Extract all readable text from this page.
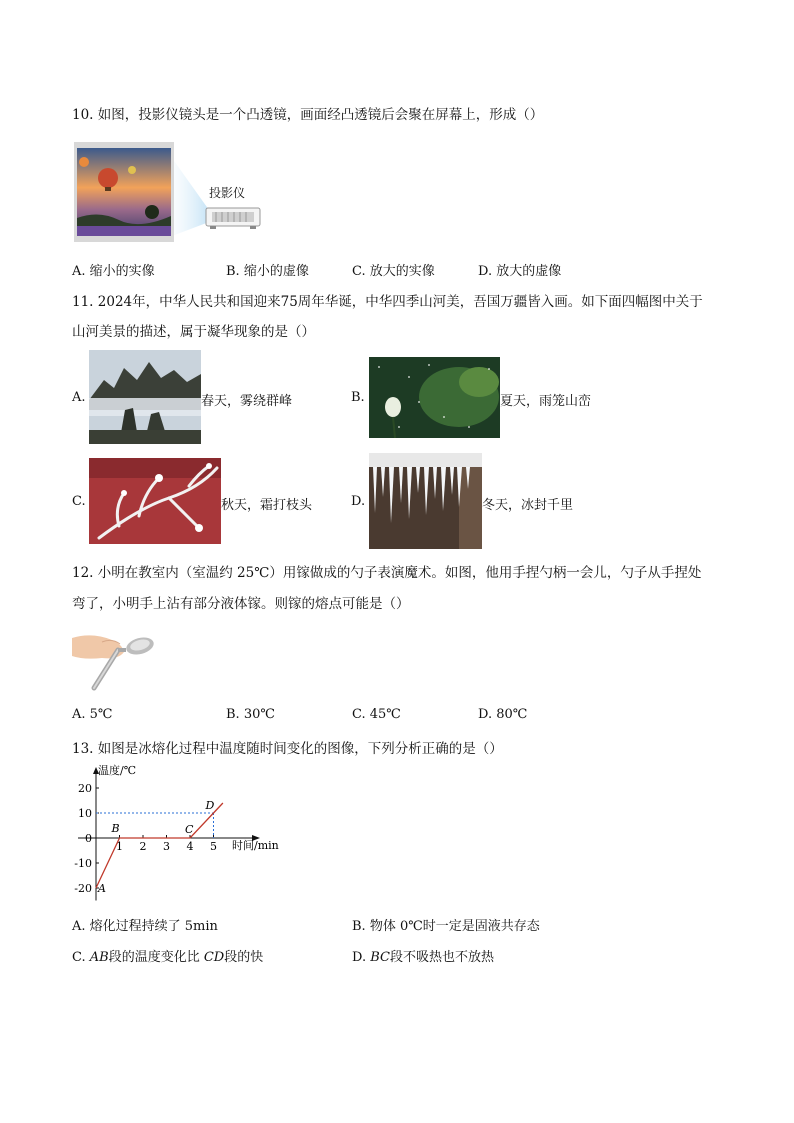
10. 如图，投影仪镜头是一个凸透镜，画面经凸透镜后会聚在屏幕上，形成（）
投影仪
A. 缩小的实像	B. 缩小的虚像	C. 放大的实像	D. 放大的虚像
11. 2024年，中华人民共和国迎来75周年华诞，中华四季山河美，吾国万疆皆入画。如下面四幅图中关于
山河美景的描述，属于凝华现象的是（）
A.	春天，雾绕群峰	B.	夏天，雨笼山峦
C.	秋天，霜打枝头	D.	冬天，冰封千里
12. 小明在教室内（室温约 25℃）用镓做成的勺子表演魔术。如图，他用手捏勺柄一会儿，勺子从手捏处
弯了，小明手上沾有部分液体镓。则镓的熔点可能是（）
A. 5℃	B. 30℃	C. 45℃	D. 80℃
13. 如图是冰熔化过程中温度随时间变化的图像，下列分析正确的是（）
温度/℃
时间/min
20
10
0
-10
-20
1 2 3 4 5
A
B	C
D
A. 熔化过程持续了 5min	B. 物体 0℃时一定是固液共存态
C. AB段的温度变化比 CD段的快	D. BC段不吸热也不放热
